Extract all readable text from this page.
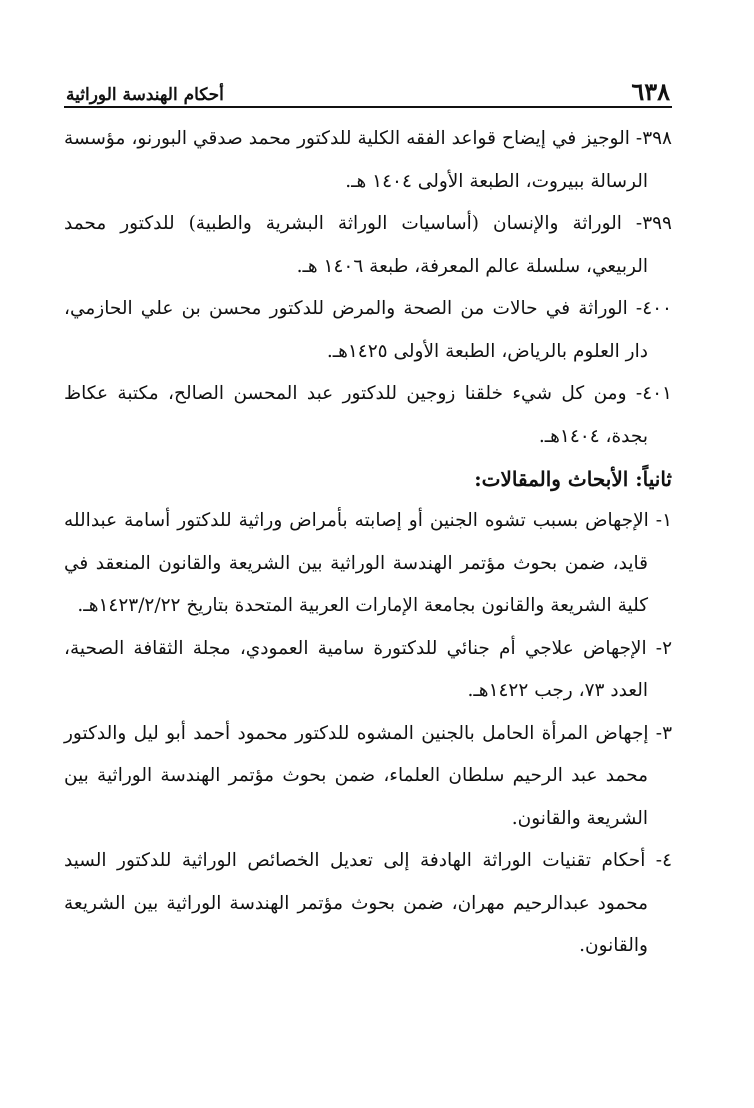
٦٣٨
أحكام الهندسة الوراثية

٣٩٨- الوجيز في إيضاح قواعد الفقه الكلية للدكتور محمد صدقي البورنو، مؤسسة الرسالة ببيروت، الطبعة الأولى ١٤٠٤ هـ.

٣٩٩- الوراثة والإنسان (أساسيات الوراثة البشرية والطبية) للدكتور محمد الربيعي، سلسلة عالم المعرفة، طبعة ١٤٠٦ هـ.

٤٠٠- الوراثة في حالات من الصحة والمرض للدكتور محسن بن علي الحازمي، دار العلوم بالرياض، الطبعة الأولى ١٤٢٥هـ.

٤٠١- ومن كل شيء خلقنا زوجين للدكتور عبد المحسن الصالح، مكتبة عكاظ بجدة، ١٤٠٤هـ.

ثانياً: الأبحاث والمقالات:

١- الإجهاض بسبب تشوه الجنين أو إصابته بأمراض وراثية للدكتور أسامة عبدالله قايد، ضمن بحوث مؤتمر الهندسة الوراثية بين الشريعة والقانون المنعقد في كلية الشريعة والقانون بجامعة الإمارات العربية المتحدة بتاريخ ١٤٢٣/٢/٢٢هـ.

٢- الإجهاض علاجي أم جنائي للدكتورة سامية العمودي، مجلة الثقافة الصحية، العدد ٧٣، رجب ١٤٢٢هـ.

٣- إجهاض المرأة الحامل بالجنين المشوه للدكتور محمود أحمد أبو ليل والدكتور محمد عبد الرحيم سلطان العلماء، ضمن بحوث مؤتمر الهندسة الوراثية بين الشريعة والقانون.

٤- أحكام تقنيات الوراثة الهادفة إلى تعديل الخصائص الوراثية للدكتور السيد محمود عبدالرحيم مهران، ضمن بحوث مؤتمر الهندسة الوراثية بين الشريعة والقانون.
